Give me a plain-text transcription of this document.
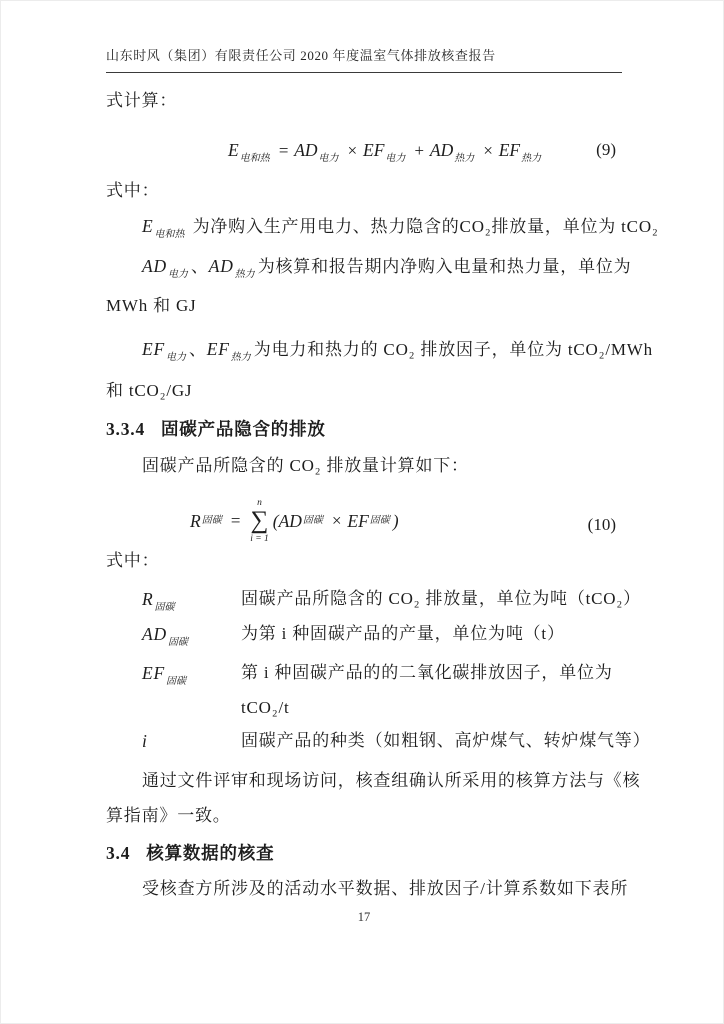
山东时风（集团）有限责任公司 2020 年度温室气体排放核查报告
式计算：
$E_{电和热} = AD_{电力} \times EF_{电力} + AD_{热力} \times EF_{热力}$	(9)
式中：
$E_{电和热}$ 为净购入生产用电力、热力隐含的CO₂排放量，单位为 tCO₂
$AD_{电力}$ 、$AD_{热力}$ 为核算和报告期内净购入电量和热力量，单位为
MWh 和 GJ
$EF_{电力}$ 、$EF_{热力}$ 为电力和热力的 CO₂ 排放因子，单位为 tCO₂/MWh
和 tCO₂/GJ
3.3.4 固碳产品隐含的排放
固碳产品所隐含的 CO₂ 排放量计算如下：
R 固碳 =
n
∑
i = 1
( AD 固碳 × EF 固碳 )	(10)
式中：
$R_{固碳}$	固碳产品所隐含的 CO₂ 排放量，单位为吨（tCO₂）
$AD_{固碳}$	为第 i 种固碳产品的产量，单位为吨（t）
$EF_{固碳}$	第 i 种固碳产品的的二氧化碳排放因子，单位为
tCO₂/t
i	固碳产品的种类（如粗钢、高炉煤气、转炉煤气等）
通过文件评审和现场访问，核查组确认所采用的核算方法与《核
算指南》一致。
3.4 核算数据的核查
受核查方所涉及的活动水平数据、排放因子/计算系数如下表所
17
